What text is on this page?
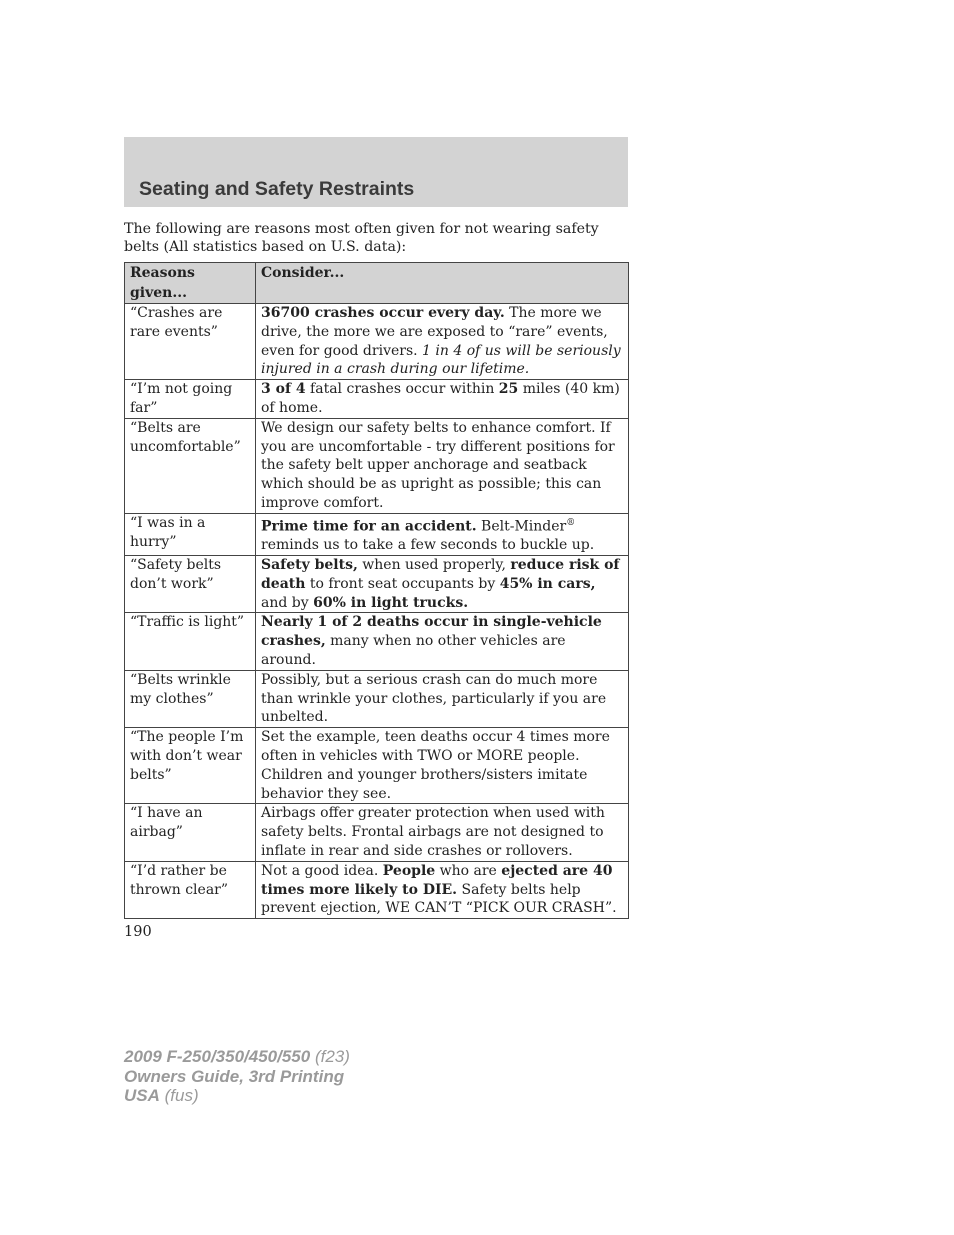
Seating and Safety Restraints
The following are reasons most often given for not wearing safety belts (All statistics based on U.S. data):
Reasons given...	Consider...
“Crashes are rare events”	36700 crashes occur every day. The more we drive, the more we are exposed to “rare” events, even for good drivers. 1 in 4 of us will be seriously injured in a crash during our lifetime.
“I’m not going far”	3 of 4 fatal crashes occur within 25 miles (40 km) of home.
“Belts are uncomfortable”	We design our safety belts to enhance comfort. If you are uncomfortable - try different positions for the safety belt upper anchorage and seatback which should be as upright as possible; this can improve comfort.
“I was in a hurry”	Prime time for an accident. Belt-Minder® reminds us to take a few seconds to buckle up.
“Safety belts don’t work”	Safety belts, when used properly, reduce risk of death to front seat occupants by 45% in cars, and by 60% in light trucks.
“Traffic is light”	Nearly 1 of 2 deaths occur in single-vehicle crashes, many when no other vehicles are around.
“Belts wrinkle my clothes”	Possibly, but a serious crash can do much more than wrinkle your clothes, particularly if you are unbelted.
“The people I’m with don’t wear belts”	Set the example, teen deaths occur 4 times more often in vehicles with TWO or MORE people. Children and younger brothers/sisters imitate behavior they see.
“I have an airbag”	Airbags offer greater protection when used with safety belts. Frontal airbags are not designed to inflate in rear and side crashes or rollovers.
“I’d rather be thrown clear”	Not a good idea. People who are ejected are 40 times more likely to DIE. Safety belts help prevent ejection, WE CAN’T “PICK OUR CRASH”.
190
2009 F-250/350/450/550 (f23)
Owners Guide, 3rd Printing
USA (fus)
